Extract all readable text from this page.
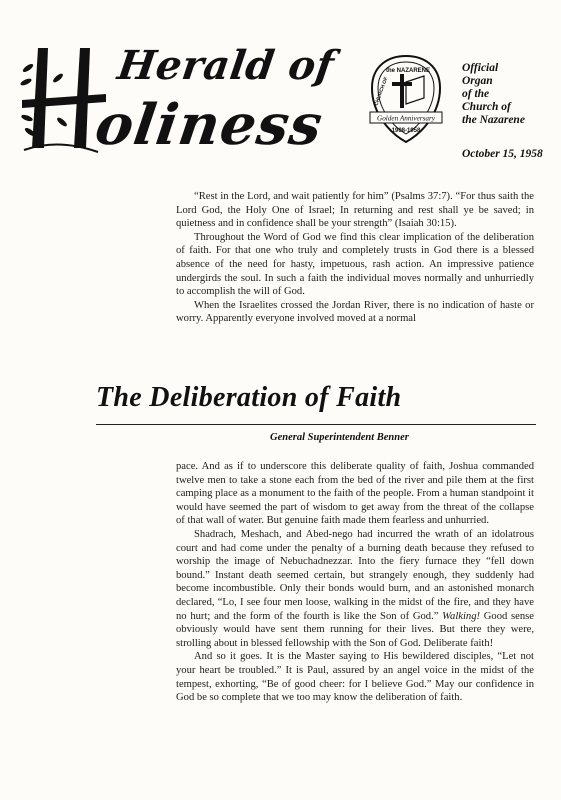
Herald of
oliness
the NAZARENE
CHURCH OF
Golden Anniversary
1908-1958
Official
Organ
of the
Church of
the Nazarene
October 15, 1958

“Rest in the Lord, and wait patiently for him” (Psalms 37:7). “For thus saith the Lord God, the Holy One of Israel; In returning and rest shall ye be saved; in quietness and in confidence shall be your strength” (Isaiah 30:15).

Throughout the Word of God we find this clear implication of the deliberation of faith. For that one who truly and completely trusts in God there is a blessed absence of the need for hasty, impetuous, rash action. An impressive patience undergirds the soul. In such a faith the individual moves normally and unhurriedly to accomplish the will of God.

When the Israelites crossed the Jordan River, there is no indication of haste or worry. Apparently everyone involved moved at a normal

The Deliberation of Faith
General Superintendent Benner

pace. And as if to underscore this deliberate quality of faith, Joshua commanded twelve men to take a stone each from the bed of the river and pile them at the first camping place as a monument to the faith of the people. From a human standpoint it would have seemed the part of wisdom to get away from the threat of the collapse of that wall of water. But genuine faith made them fearless and unhurried.

Shadrach, Meshach, and Abed-nego had incurred the wrath of an idolatrous court and had come under the penalty of a burning death because they refused to worship the image of Nebuchadnezzar. Into the fiery furnace they “fell down bound.” Instant death seemed certain, but strangely enough, they suddenly had become incombustible. Only their bonds would burn, and an astonished monarch declared, “Lo, I see four men loose, walking in the midst of the fire, and they have no hurt; and the form of the fourth is like the Son of God.” Walking! Good sense obviously would have sent them running for their lives. But there they were, strolling about in blessed fellowship with the Son of God. Deliberate faith!

And so it goes. It is the Master saying to His bewildered disciples, “Let not your heart be troubled.” It is Paul, assured by an angel voice in the midst of the tempest, exhorting, “Be of good cheer: for I believe God.” May our confidence in God be so complete that we too may know the deliberation of faith.
